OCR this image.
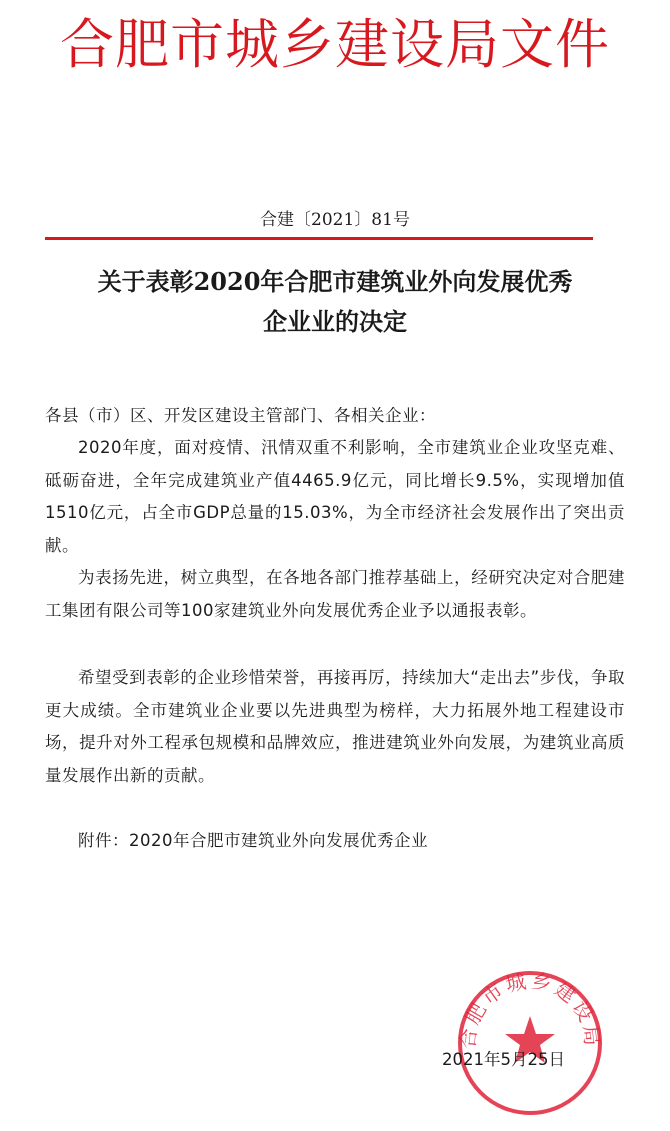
合肥市城乡建设局文件
合建〔2021〕81号
关于表彰2020年合肥市建筑业外向发展优秀
企业业的决定
各县（市）区、开发区建设主管部门、各相关企业：
2020年度，面对疫情、汛情双重不利影响，全市建筑业企业攻坚克难、砥砺奋进，全年完成建筑业产值4465.9亿元，同比增长9.5%，实现增加值1510亿元，占全市GDP总量的15.03%，为全市经济社会发展作出了突出贡献。
为表扬先进，树立典型，在各地各部门推荐基础上，经研究决定对合肥建工集团有限公司等100家建筑业外向发展优秀企业予以通报表彰。
希望受到表彰的企业珍惜荣誉，再接再厉，持续加大“走出去”步伐，争取更大成绩。全市建筑业企业要以先进典型为榜样，大力拓展外地工程建设市场，提升对外工程承包规模和品牌效应，推进建筑业外向发展，为建筑业高质量发展作出新的贡献。
附件：2020年合肥市建筑业外向发展优秀企业
合肥市城乡建设局
2021年5月25日
